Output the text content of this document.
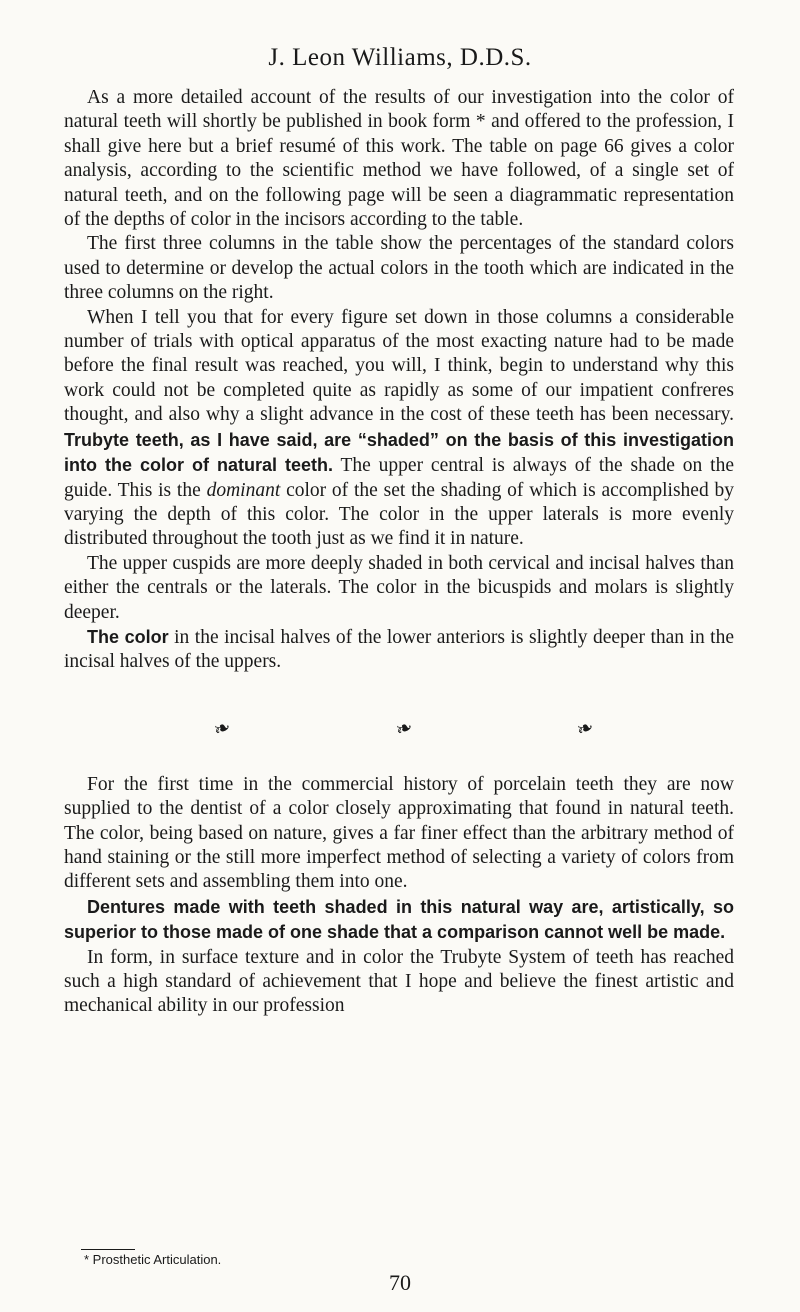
J. Leon Williams, D.D.S.

As a more detailed account of the results of our investigation into the color of natural teeth will shortly be published in book form * and offered to the profession, I shall give here but a brief resumé of this work. The table on page 66 gives a color analysis, according to the scientific method we have followed, of a single set of natural teeth, and on the following page will be seen a diagrammatic representation of the depths of color in the incisors according to the table.

The first three columns in the table show the percentages of the standard colors used to determine or develop the actual colors in the tooth which are indicated in the three columns on the right.

When I tell you that for every figure set down in those columns a considerable number of trials with optical apparatus of the most exacting nature had to be made before the final result was reached, you will, I think, begin to understand why this work could not be completed quite as rapidly as some of our impatient confreres thought, and also why a slight advance in the cost of these teeth has been necessary. Trubyte teeth, as I have said, are “shaded” on the basis of this investigation into the color of natural teeth. The upper central is always of the shade on the guide. This is the dominant color of the set the shading of which is accomplished by varying the depth of this color. The color in the upper laterals is more evenly distributed throughout the tooth just as we find it in nature.

The upper cuspids are more deeply shaded in both cervical and incisal halves than either the centrals or the laterals. The color in the bicuspids and molars is slightly deeper.

The color in the incisal halves of the lower anteriors is slightly deeper than in the incisal halves of the uppers.

❧	❧	❧

For the first time in the commercial history of porcelain teeth they are now supplied to the dentist of a color closely approximating that found in natural teeth. The color, being based on nature, gives a far finer effect than the arbitrary method of hand staining or the still more imperfect method of selecting a variety of colors from different sets and assembling them into one.

Dentures made with teeth shaded in this natural way are, artistically, so superior to those made of one shade that a comparison cannot well be made.

In form, in surface texture and in color the Trubyte System of teeth has reached such a high standard of achievement that I hope and believe the finest artistic and mechanical ability in our profession

* Prosthetic Articulation.
70
